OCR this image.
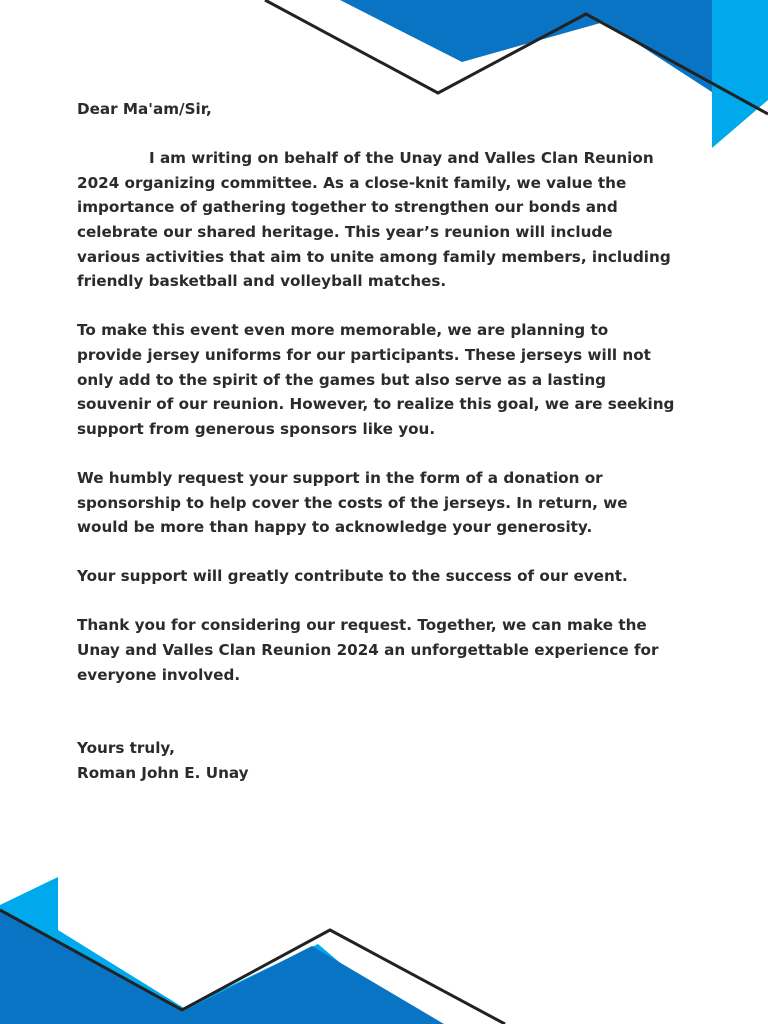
Dear Ma'am/Sir,

I am writing on behalf of the Unay and Valles Clan Reunion 2024 organizing committee. As a close-knit family, we value the importance of gathering together to strengthen our bonds and celebrate our shared heritage. This year’s reunion will include various activities that aim to unite among family members, including friendly basketball and volleyball matches.

To make this event even more memorable, we are planning to provide jersey uniforms for our participants. These jerseys will not only add to the spirit of the games but also serve as a lasting souvenir of our reunion. However, to realize this goal, we are seeking support from generous sponsors like you.

We humbly request your support in the form of a donation or sponsorship to help cover the costs of the jerseys. In return, we would be more than happy to acknowledge your generosity.

Your support will greatly contribute to the success of our event.

Thank you for considering our request. Together, we can make the Unay and Valles Clan Reunion 2024 an unforgettable experience for everyone involved.

Yours truly,

Roman John E. Unay
